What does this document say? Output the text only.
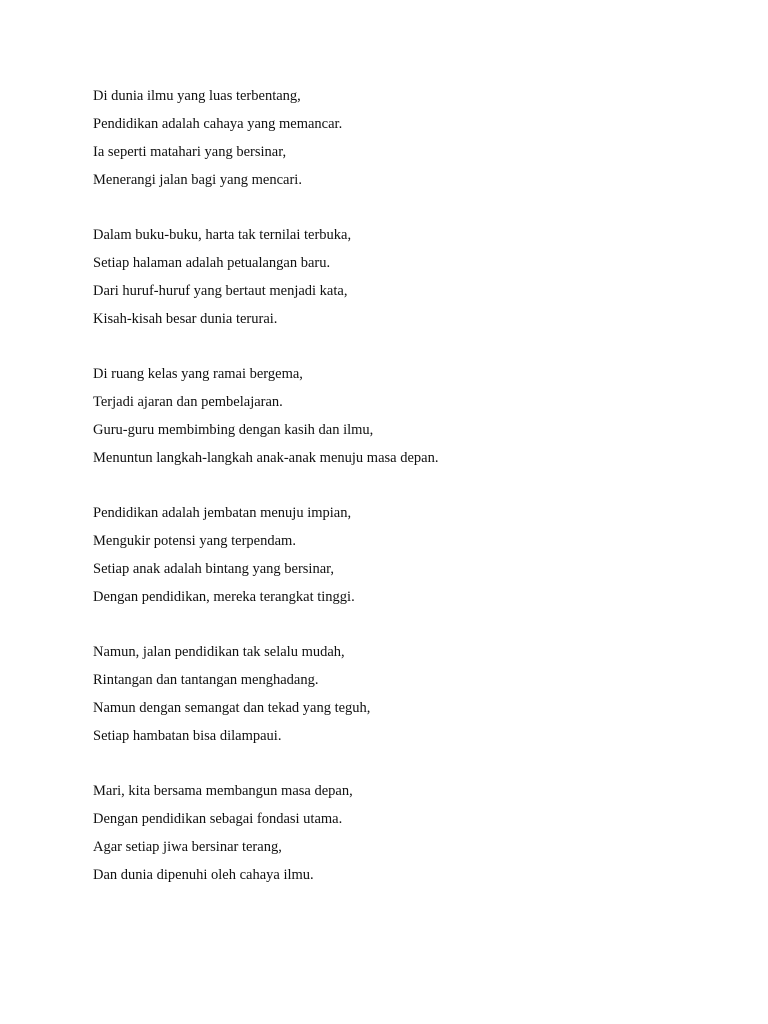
Di dunia ilmu yang luas terbentang,
Pendidikan adalah cahaya yang memancar.
Ia seperti matahari yang bersinar,
Menerangi jalan bagi yang mencari.
Dalam buku-buku, harta tak ternilai terbuka,
Setiap halaman adalah petualangan baru.
Dari huruf-huruf yang bertaut menjadi kata,
Kisah-kisah besar dunia terurai.
Di ruang kelas yang ramai bergema,
Terjadi ajaran dan pembelajaran.
Guru-guru membimbing dengan kasih dan ilmu,
Menuntun langkah-langkah anak-anak menuju masa depan.
Pendidikan adalah jembatan menuju impian,
Mengukir potensi yang terpendam.
Setiap anak adalah bintang yang bersinar,
Dengan pendidikan, mereka terangkat tinggi.
Namun, jalan pendidikan tak selalu mudah,
Rintangan dan tantangan menghadang.
Namun dengan semangat dan tekad yang teguh,
Setiap hambatan bisa dilampaui.
Mari, kita bersama membangun masa depan,
Dengan pendidikan sebagai fondasi utama.
Agar setiap jiwa bersinar terang,
Dan dunia dipenuhi oleh cahaya ilmu.
